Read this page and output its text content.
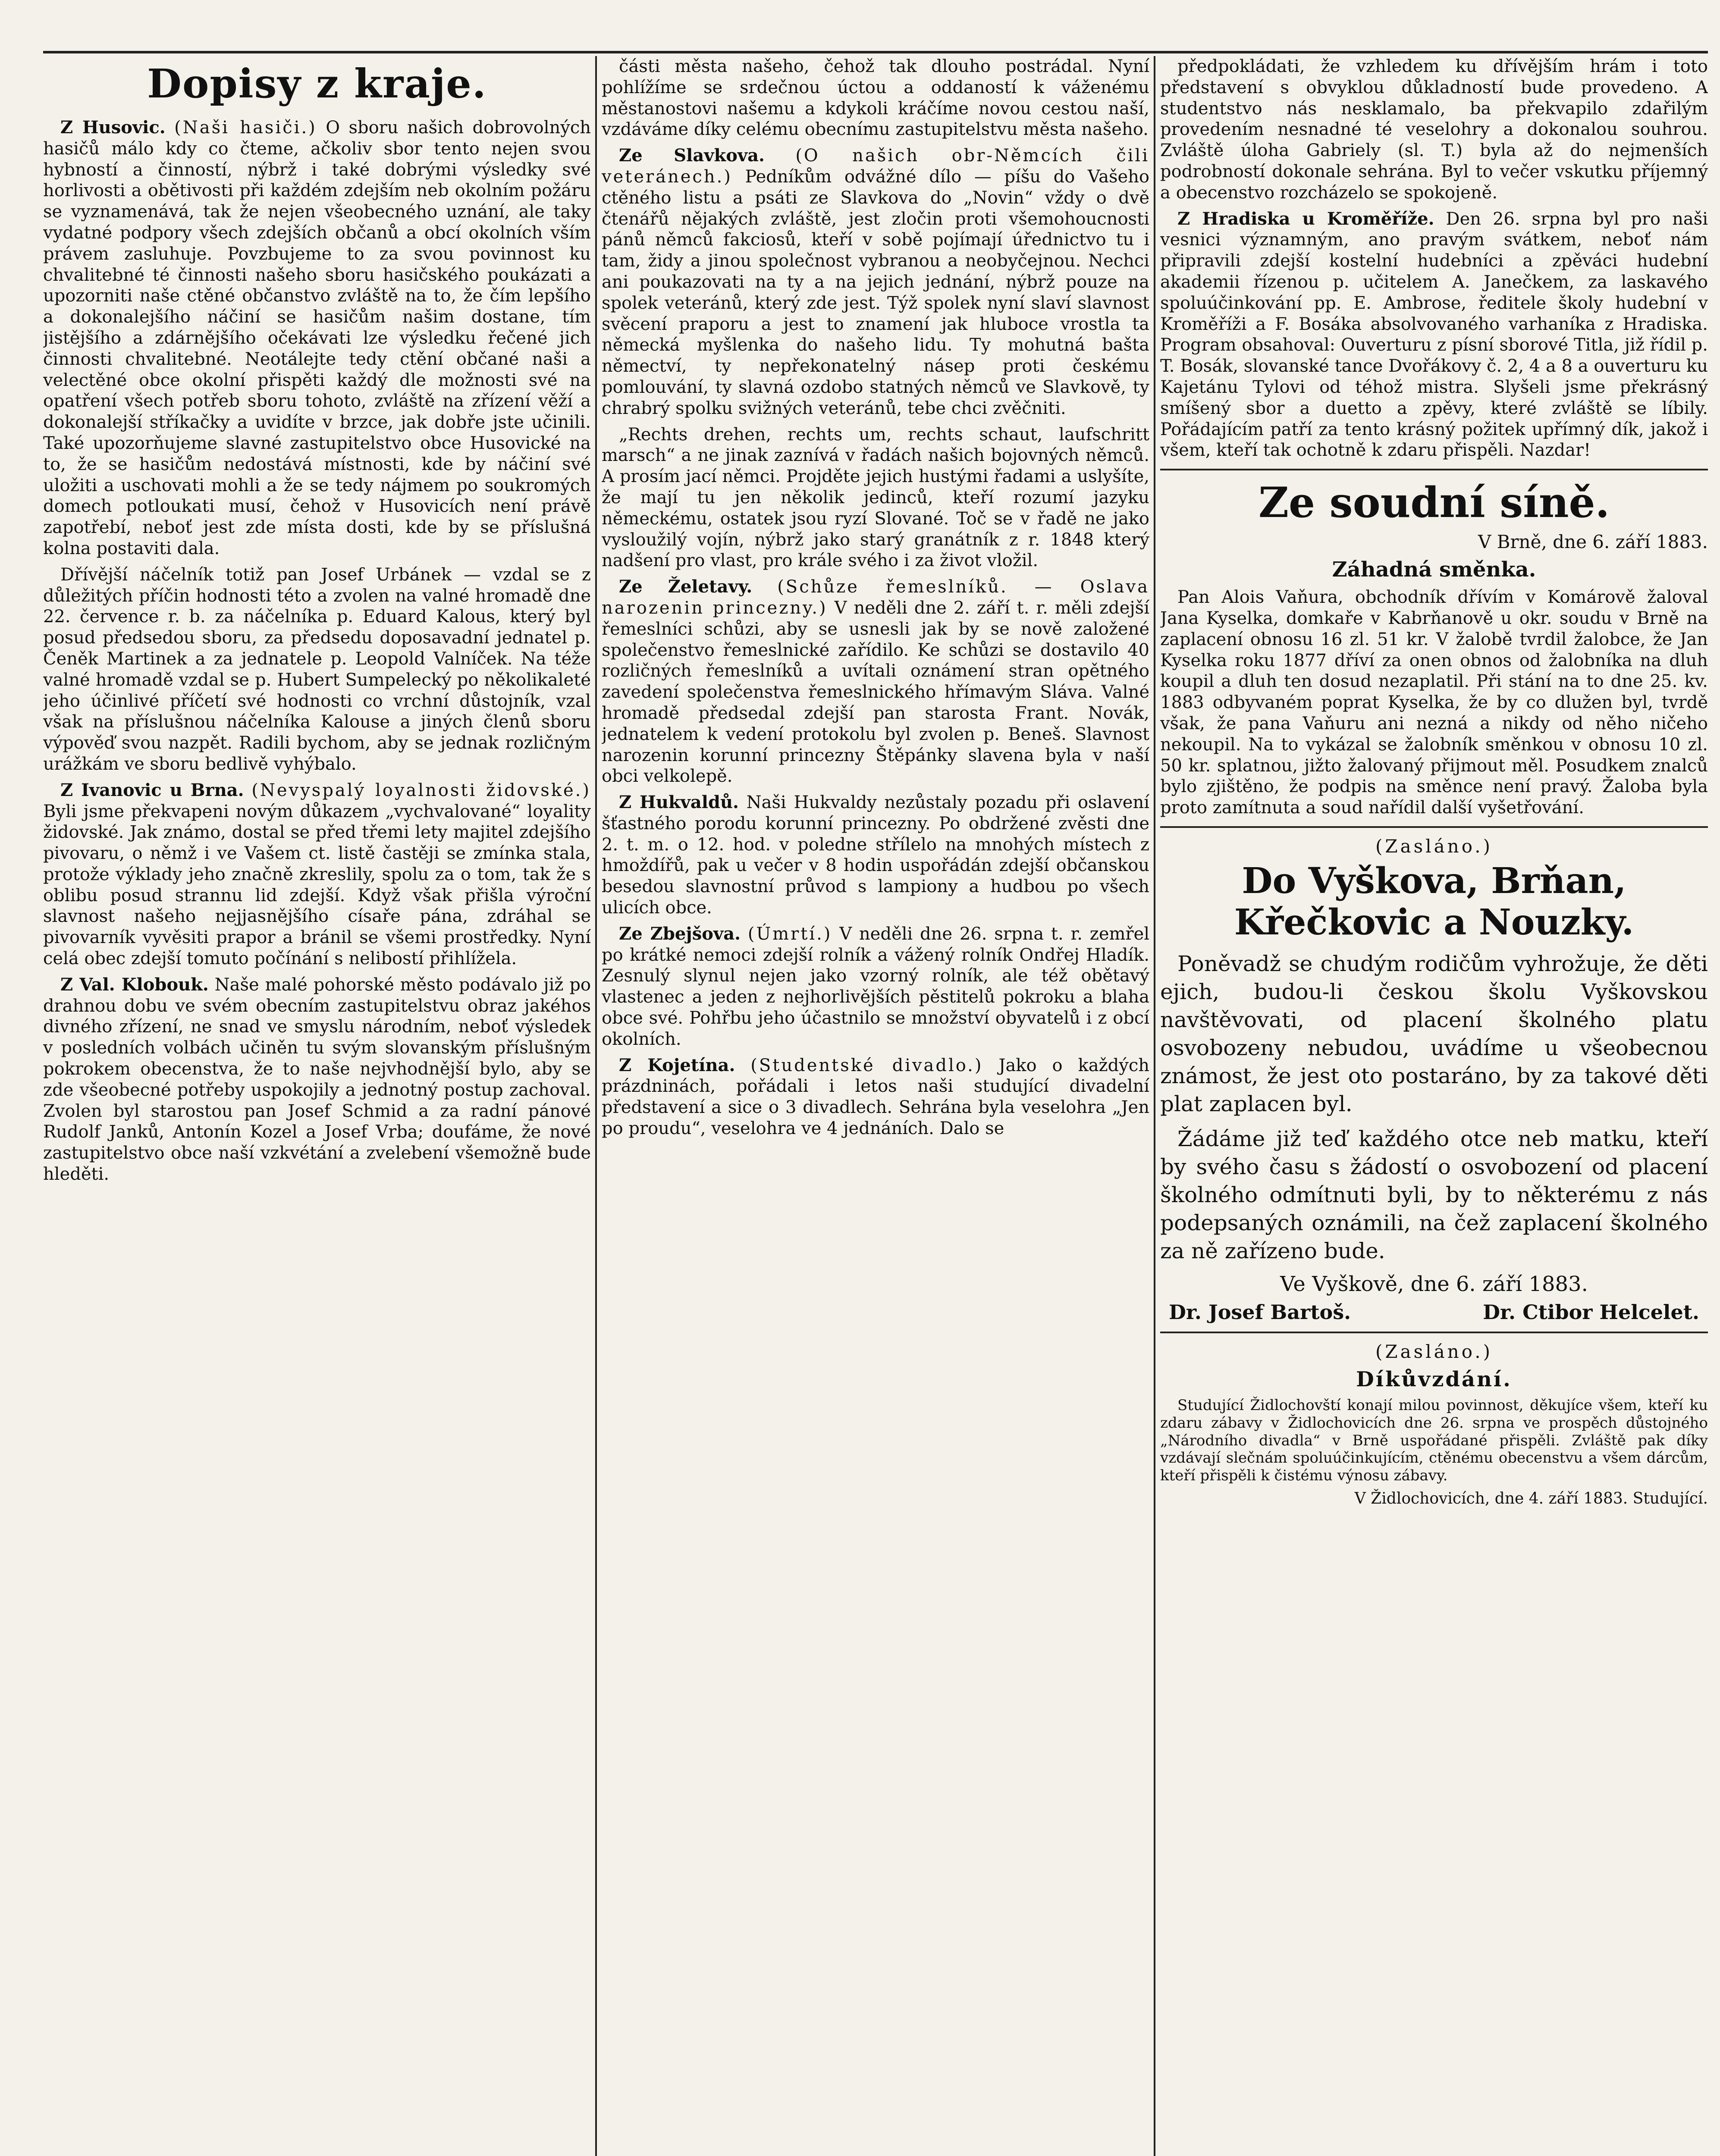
Dopisy z kraje.

Z Husovic. (Naši hasiči.) O sboru našich dobrovolných hasičů málo kdy co čteme, ačkoliv sbor tento nejen svou hybností a činností, nýbrž i také dobrými výsledky své horlivosti a obětivosti při každém zdejším neb okolním požáru se vyznamenává, tak že nejen všeobecného uznání, ale taky vydatné podpory všech zdejších občanů a obcí okolních vším právem zasluhuje. Povzbujeme to za svou povinnost ku chvalitebné té činnosti našeho sboru hasičského poukázati a upozorniti naše ctěné občanstvo zvláště na to, že čím lepšího a dokonalejšího náčiní se hasičům našim dostane, tím jistějšího a zdárnějšího očekávati lze výsledku řečené jich činnosti chvalitebné. Neotálejte tedy ctění občané naši a velectěné obce okolní přispěti každý dle možnosti své na opatření všech potřeb sboru tohoto, zvláště na zřízení věží a dokonalejší stříkačky a uvidíte v brzce, jak dobře jste učinili. Také upozorňujeme slavné zastupitelstvo obce Husovické na to, že se hasičům nedostává místnosti, kde by náčiní své uložiti a uschovati mohli a že se tedy nájmem po soukromých domech potloukati musí, čehož v Husovicích není právě zapotřebí, neboť jest zde místa dosti, kde by se příslušná kolna postaviti dala.

Dřívější náčelník totiž pan Josef Urbánek — vzdal se z důležitých příčin hodnosti této a zvolen na valné hromadě dne 22. července r. b. za náčelníka p. Eduard Kalous, který byl posud předsedou sboru, za předsedu doposavadní jednatel p. Čeněk Martinek a za jednatele p. Leopold Valníček. Na téže valné hromadě vzdal se p. Hubert Sumpelecký po několikaleté jeho účinlivé příčetí své hodnosti co vrchní důstojník, vzal však na příslušnou náčelníka Kalouse a jiných členů sboru výpověď svou nazpět. Radili bychom, aby se jednak rozličným urážkám ve sboru bedlivě vyhýbalo.

Z Ivanovic u Brna. (Nevyspalý loyalnosti židovské.) Byli jsme překvapeni novým důkazem „vychvalované“ loyality židovské. Jak známo, dostal se před třemi lety majitel zdejšího pivovaru, o němž i ve Vašem ct. listě častěji se zmínka stala, protože výklady jeho značně zkreslily, spolu za o tom, tak že s oblibu posud strannu lid zdejší. Když však přišla výroční slavnost našeho nejjasnějšího císaře pána, zdráhal se pivovarník vyvěsiti prapor a bránil se všemi prostředky. Nyní celá obec zdejší tomuto počínání s nelibostí přihlížela.

Z Val. Klobouk. Naše malé pohorské město podávalo již po drahnou dobu ve svém obecním zastupitelstvu obraz jakéhos divného zřízení, ne snad ve smyslu národním, neboť výsledek v posledních volbách učiněn tu svým slovanským příslušným pokrokem obecenstva, že to naše nejvhodnější bylo, aby se zde všeobecné potřeby uspokojily a jednotný postup zachoval. Zvolen byl starostou pan Josef Schmid a za radní pánové Rudolf Janků, Antonín Kozel a Josef Vrba; doufáme, že nové zastupitelstvo obce naší vzkvétání a zvelebení všemožně bude hleděti.

části města našeho, čehož tak dlouho postrádal. Nyní pohlížíme se srdečnou úctou a oddaností k váženému městanostovi našemu a kdykoli kráčíme novou cestou naší, vzdáváme díky celému obecnímu zastupitelstvu města našeho.

Ze Slavkova. (O našich obr-Němcích čili veteránech.) Pedníkům odvážné dílo — píšu do Vašeho ctěného listu a psáti ze Slavkova do „Novin“ vždy o dvě čtenářů nějakých zvláště, jest zločin proti všemohoucnosti pánů němců fakciosů, kteří v sobě pojímají úřednictvo tu i tam, židy a jinou společnost vybranou a neobyčejnou. Nechci ani poukazovati na ty a na jejich jednání, nýbrž pouze na spolek veteránů, který zde jest. Týž spolek nyní slaví slavnost svěcení praporu a jest to znamení jak hluboce vrostla ta německá myšlenka do našeho lidu. Ty mohutná bašta němectví, ty nepřekonatelný násep proti českému pomlouvání, ty slavná ozdobo statných němců ve Slavkově, ty chrabrý spolku svižných veteránů, tebe chci zvěčniti.

„Rechts drehen, rechts um, rechts schaut, laufschritt marsch“ a ne jinak zaznívá v řadách našich bojovných němců. A prosím jací němci. Projděte jejich hustými řadami a uslyšíte, že mají tu jen několik jedinců, kteří rozumí jazyku německému, ostatek jsou ryzí Slované. Toč se v řadě ne jako vysloužilý vojín, nýbrž jako starý granátník z r. 1848 který nadšení pro vlast, pro krále svého i za život vložil.

Ze Želetavy. (Schůze řemeslníků. — Oslava narozenin princezny.) V neděli dne 2. září t. r. měli zdejší řemeslníci schůzi, aby se usnesli jak by se nově založené společenstvo řemeslnické zařídilo. Ke schůzi se dostavilo 40 rozličných řemeslníků a uvítali oznámení stran opětného zavedení společenstva řemeslnického hřímavým Sláva. Valné hromadě předsedal zdejší pan starosta Frant. Novák, jednatelem k vedení protokolu byl zvolen p. Beneš. Slavnost narozenin korunní princezny Štěpánky slavena byla v naší obci velkolepě.

Z Hukvaldů. Naši Hukvaldy nezůstaly pozadu při oslavení šťastného porodu korunní princezny. Po obdržené zvěsti dne 2. t. m. o 12. hod. v poledne střílelo na mnohých místech z hmoždířů, pak u večer v 8 hodin uspořádán zdejší občanskou besedou slavnostní průvod s lampiony a hudbou po všech ulicích obce.

Ze Zbejšova. (Úmrtí.) V neděli dne 26. srpna t. r. zemřel po krátké nemoci zdejší rolník a vážený rolník Ondřej Hladík. Zesnulý slynul nejen jako vzorný rolník, ale též obětavý vlastenec a jeden z nejhorlivějších pěstitelů pokroku a blaha obce své. Pohřbu jeho účastnilo se množství obyvatelů i z obcí okolních.

Z Kojetína. (Studentské divadlo.) Jako o každých prázdninách, pořádali i letos naši studující divadelní představení a sice o 3 divadlech. Sehrána byla veselohra „Jen po proudu“, veselohra ve 4 jednáních. Dalo se

předpokládati, že vzhledem ku dřívějším hrám i toto představení s obvyklou důkladností bude provedeno. A studentstvo nás nesklamalo, ba překvapilo zdařilým provedením nesnadné té veselohry a dokonalou souhrou. Zvláště úloha Gabriely (sl. T.) byla až do nejmenších podrobností dokonale sehrána. Byl to večer vskutku příjemný a obecenstvo rozcházelo se spokojeně.

Z Hradiska u Kroměříže. Den 26. srpna byl pro naši vesnici významným, ano pravým svátkem, neboť nám připravili zdejší kostelní hudebníci a zpěváci hudební akademii řízenou p. učitelem A. Janečkem, za laskavého spoluúčinkování pp. E. Ambrose, ředitele školy hudební v Kroměříži a F. Bosáka absolvovaného varhaníka z Hradiska. Program obsahoval: Ouverturu z písní sborové Titla, již řídil p. T. Bosák, slovanské tance Dvořákovy č. 2, 4 a 8 a ouverturu ku Kajetánu Tylovi od téhož mistra. Slyšeli jsme překrásný smíšený sbor a duetto a zpěvy, které zvláště se líbily. Pořádajícím patří za tento krásný požitek upřímný dík, jakož i všem, kteří tak ochotně k zdaru přispěli. Nazdar!

Ze soudní síně.
V Brně, dne 6. září 1883.
Záhadná směnka.

Pan Alois Vaňura, obchodník dřívím v Komárově žaloval Jana Kyselka, domkaře v Kabrňanově u okr. soudu v Brně na zaplacení obnosu 16 zl. 51 kr. V žalobě tvrdil žalobce, že Jan Kyselka roku 1877 dříví za onen obnos od žalobníka na dluh koupil a dluh ten dosud nezaplatil. Při stání na to dne 25. kv. 1883 odbyvaném poprat Kyselka, že by co dlužen byl, tvrdě však, že pana Vaňuru ani nezná a nikdy od něho ničeho nekoupil. Na to vykázal se žalobník směnkou v obnosu 10 zl. 50 kr. splatnou, jižto žalovaný přijmout měl. Posudkem znalců bylo zjištěno, že podpis na směnce není pravý. Žaloba byla proto zamítnuta a soud nařídil další vyšetřování.

(Zasláno.)
Do Vyškova, Brňan, Křečkovic a Nouzky.

Poněvadž se chudým rodičům vyhrožuje, že děti ejich, budou-li českou školu Vyškovskou navštěvovati, od placení školného platu osvobozeny nebudou, uvádíme u všeobecnou známost, že jest oto postaráno, by za takové děti plat zaplacen byl.

Žádáme již teď každého otce neb matku, kteří by svého času s žádostí o osvobození od placení školného odmítnuti byli, by to některému z nás podepsaných oznámili, na čež zaplacení školného za ně zařízeno bude.

Ve Vyškově, dne 6. září 1883.
Dr. Josef Bartoš.	Dr. Ctibor Helcelet.
(Zasláno.)
Díkůvzdání.

Studující Židlochovští konají milou povinnost, děkujíce všem, kteří ku zdaru zábavy v Židlochovicích dne 26. srpna ve prospěch důstojného „Národního divadla“ v Brně uspořádané přispěli. Zvláště pak díky vzdávají slečnám spoluúčinkujícím, ctěnému obecenstvu a všem dárcům, kteří přispěli k čistému výnosu zábavy.

V Židlochovicích, dne 4. září 1883. Studující.
